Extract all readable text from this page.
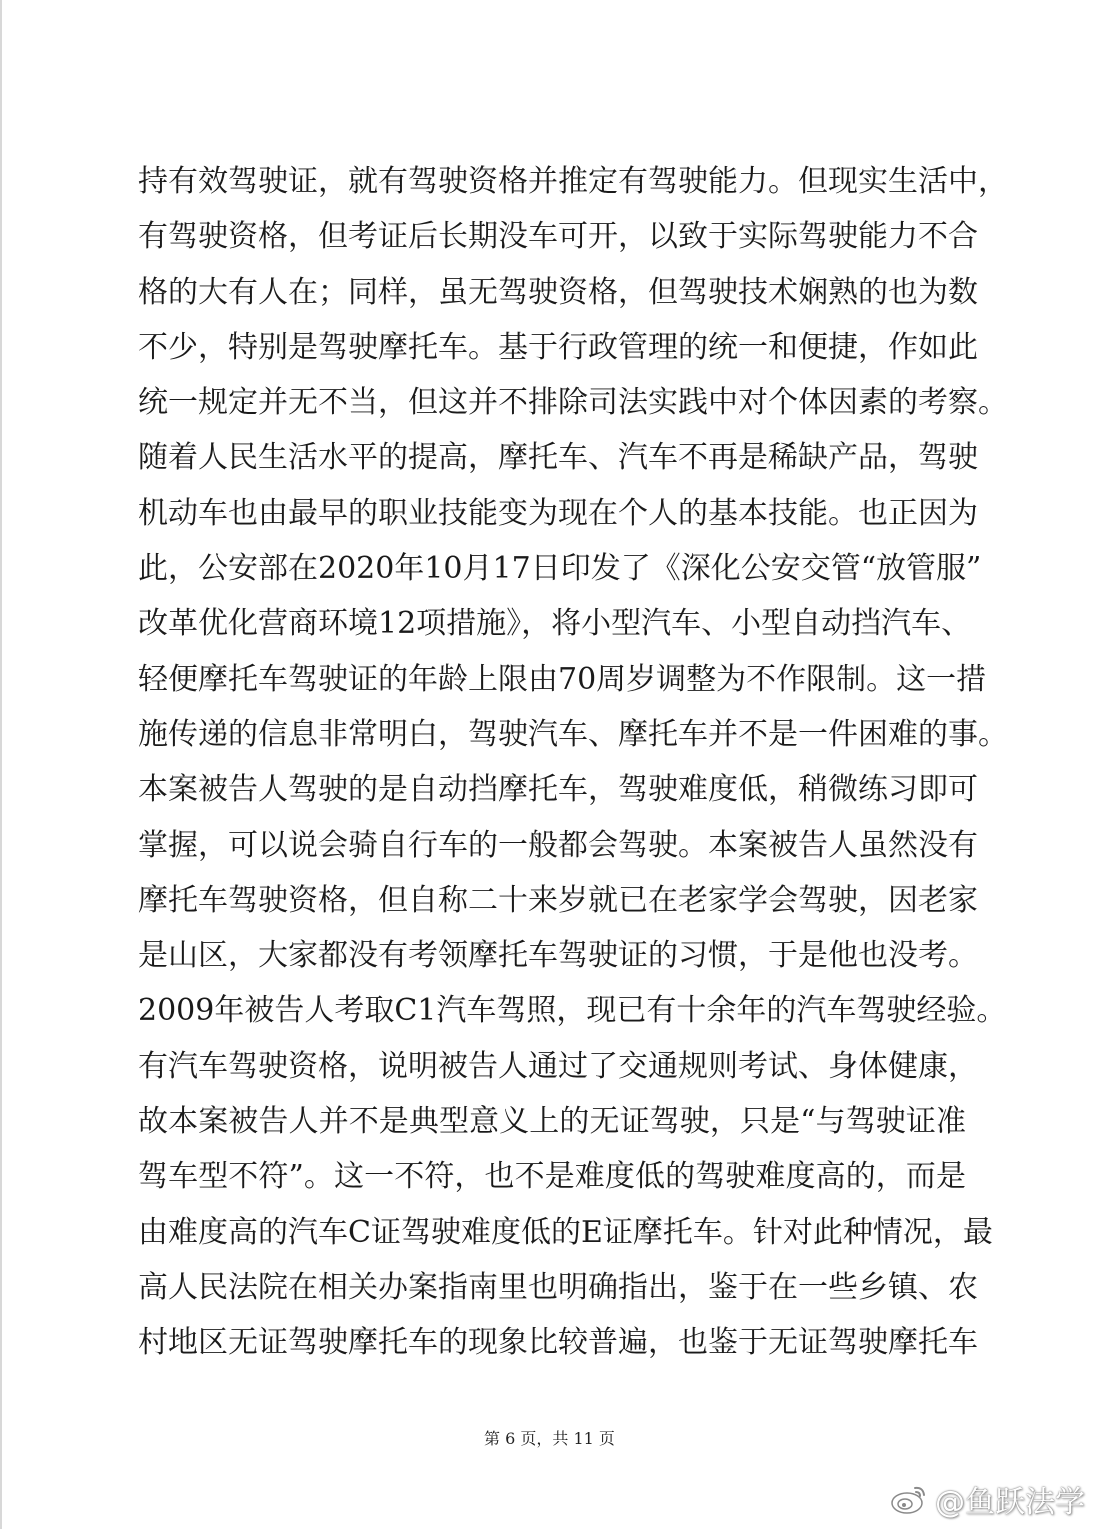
持有效驾驶证，就有驾驶资格并推定有驾驶能力。但现实生活中，
有驾驶资格，但考证后长期没车可开，以致于实际驾驶能力不合
格的大有人在；同样，虽无驾驶资格，但驾驶技术娴熟的也为数
不少，特别是驾驶摩托车。基于行政管理的统一和便捷，作如此
统一规定并无不当，但这并不排除司法实践中对个体因素的考察。
随着人民生活水平的提高，摩托车、汽车不再是稀缺产品，驾驶
机动车也由最早的职业技能变为现在个人的基本技能。也正因为
此，公安部在2020年10月17日印发了《深化公安交管“放管服”
改革优化营商环境12项措施》，将小型汽车、小型自动挡汽车、
轻便摩托车驾驶证的年龄上限由70周岁调整为不作限制。这一措
施传递的信息非常明白，驾驶汽车、摩托车并不是一件困难的事。
本案被告人驾驶的是自动挡摩托车，驾驶难度低，稍微练习即可
掌握，可以说会骑自行车的一般都会驾驶。本案被告人虽然没有
摩托车驾驶资格，但自称二十来岁就已在老家学会驾驶，因老家
是山区，大家都没有考领摩托车驾驶证的习惯，于是他也没考。
2009年被告人考取C1汽车驾照，现已有十余年的汽车驾驶经验。
有汽车驾驶资格，说明被告人通过了交通规则考试、身体健康，
故本案被告人并不是典型意义上的无证驾驶，只是“与驾驶证准
驾车型不符”。这一不符，也不是难度低的驾驶难度高的，而是
由难度高的汽车C证驾驶难度低的E证摩托车。针对此种情况，最
高人民法院在相关办案指南里也明确指出，鉴于在一些乡镇、农
村地区无证驾驶摩托车的现象比较普遍，也鉴于无证驾驶摩托车
第 6 页，共 11 页
@鱼跃法学
